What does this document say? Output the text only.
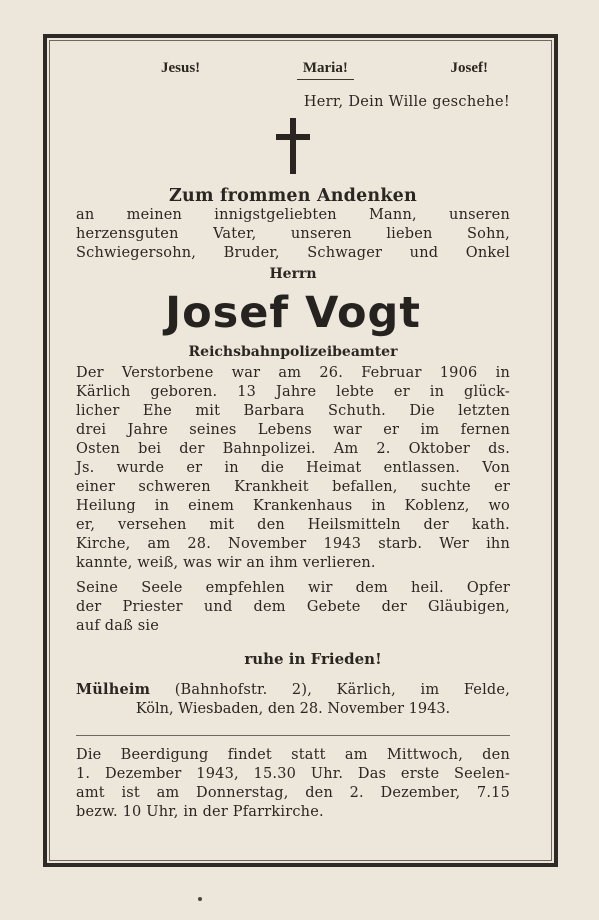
Jesus!	Maria!	Josef!
Herr, Dein Wille geschehe!
Zum frommen Andenken
an meinen innigstgeliebten Mann, unseren
herzensguten Vater, unseren lieben Sohn,
Schwiegersohn, Bruder, Schwager und Onkel
Herrn
Josef Vogt
Reichsbahnpolizeibeamter
Der Verstorbene war am 26. Februar 1906 in
Kärlich geboren. 13 Jahre lebte er in glück-
licher Ehe mit Barbara Schuth. Die letzten
drei Jahre seines Lebens war er im fernen
Osten bei der Bahnpolizei. Am 2. Oktober ds.
Js. wurde er in die Heimat entlassen. Von
einer schweren Krankheit befallen, suchte er
Heilung in einem Krankenhaus in Koblenz, wo
er, versehen mit den Heilsmitteln der kath.
Kirche, am 28. November 1943 starb. Wer ihn
kannte, weiß, was wir an ihm verlieren.
Seine Seele empfehlen wir dem heil. Opfer
der Priester und dem Gebete der Gläubigen,
auf daß sie
ruhe in Frieden!
Mülheim (Bahnhofstr. 2), Kärlich, im Felde,
Köln, Wiesbaden, den 28. November 1943.
Die Beerdigung findet statt am Mittwoch, den
1. Dezember 1943, 15.30 Uhr. Das erste Seelen-
amt ist am Donnerstag, den 2. Dezember, 7.15
bezw. 10 Uhr, in der Pfarrkirche.
